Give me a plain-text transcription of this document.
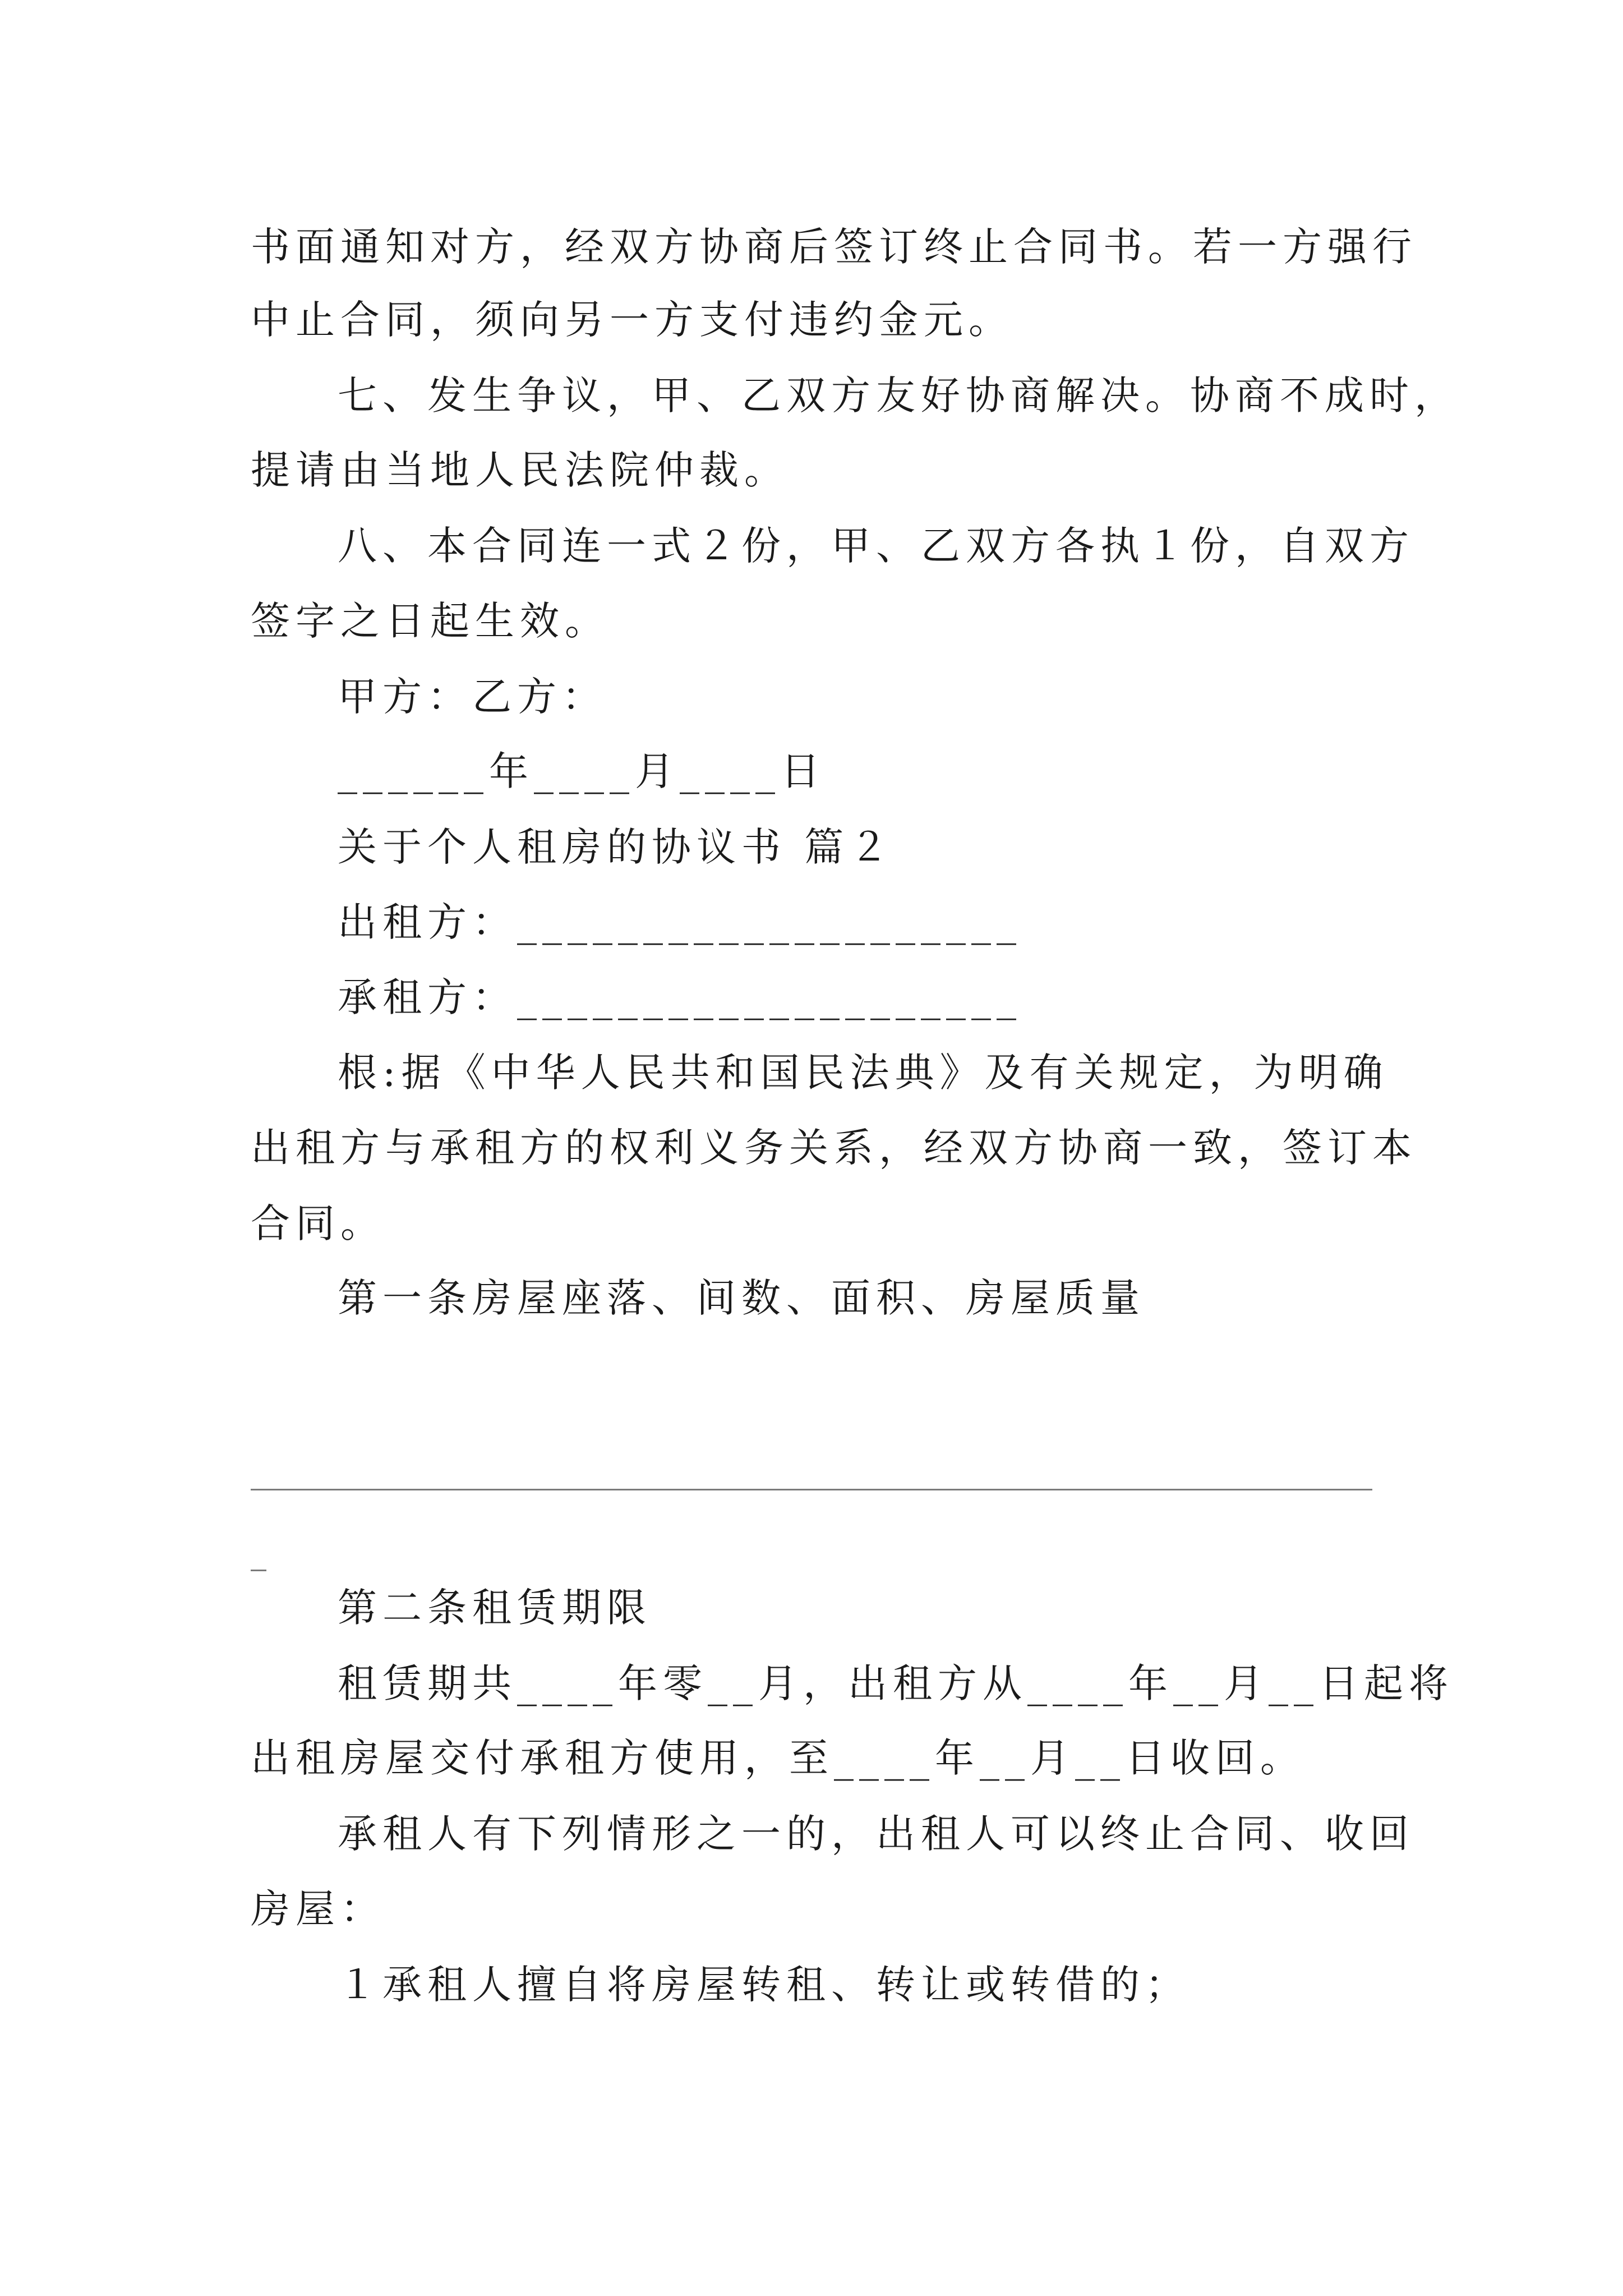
书面通知对方，经双方协商后签订终止合同书。若一方强行
中止合同，须向另一方支付违约金元。
七、发生争议，甲、乙双方友好协商解决。协商不成时，
提请由当地人民法院仲裁。
八、本合同连一式２份，甲、乙双方各执１份，自双方
签字之日起生效。
甲方：乙方：
______年____月____日
关于个人租房的协议书 篇２
出租方：____________________
承租方：____________________
根:据《中华人民共和国民法典》及有关规定，为明确
出租方与承租方的权利义务关系，经双方协商一致，签订本
合同。
第一条房屋座落、间数、面积、房屋质量
第二条租赁期限
租赁期共____年零__月，出租方从____年__月__日起将
出租房屋交付承租方使用，至____年__月__日收回。
承租人有下列情形之一的，出租人可以终止合同、收回
房屋：
１承租人擅自将房屋转租、转让或转借的；
